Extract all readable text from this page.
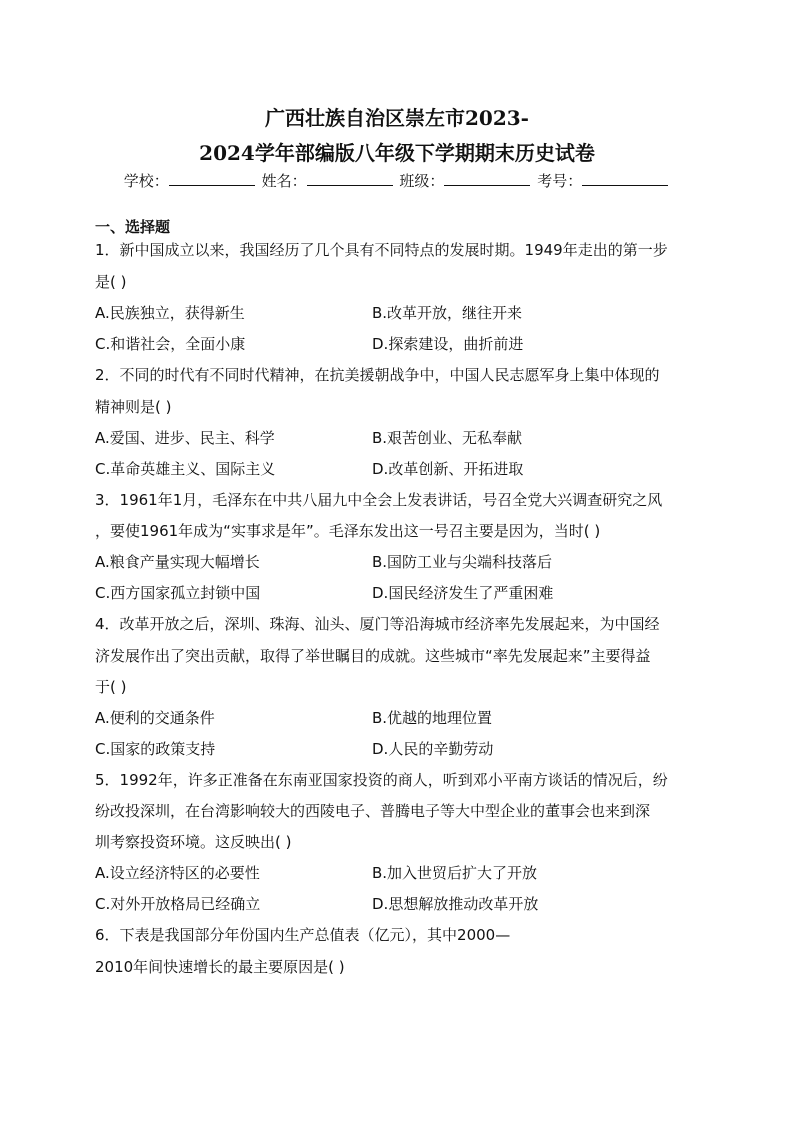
广西壮族自治区崇左市2023-
2024学年部编版八年级下学期期末历史试卷
学校：	姓名：	班级：	考号：
一、选择题
1．新中国成立以来，我国经历了几个具有不同特点的发展时期。1949年走出的第一步
是( )
A.民族独立，获得新生	B.改革开放，继往开来
C.和谐社会，全面小康	D.探索建设，曲折前进
2．不同的时代有不同时代精神，在抗美援朝战争中，中国人民志愿军身上集中体现的
精神则是( )
A.爱国、进步、民主、科学	B.艰苦创业、无私奉献
C.革命英雄主义、国际主义	D.改革创新、开拓进取
3．1961年1月，毛泽东在中共八届九中全会上发表讲话，号召全党大兴调查研究之风
，要使1961年成为“实事求是年”。毛泽东发出这一号召主要是因为，当时( )
A.粮食产量实现大幅增长	B.国防工业与尖端科技落后
C.西方国家孤立封锁中国	D.国民经济发生了严重困难
4．改革开放之后，深圳、珠海、汕头、厦门等沿海城市经济率先发展起来，为中国经
济发展作出了突出贡献，取得了举世瞩目的成就。这些城市“率先发展起来”主要得益
于( )
A.便利的交通条件	B.优越的地理位置
C.国家的政策支持	D.人民的辛勤劳动
5．1992年，许多正准备在东南亚国家投资的商人，听到邓小平南方谈话的情况后，纷
纷改投深圳，在台湾影响较大的西陵电子、普腾电子等大中型企业的董事会也来到深
圳考察投资环境。这反映出( )
A.设立经济特区的必要性	B.加入世贸后扩大了开放
C.对外开放格局已经确立	D.思想解放推动改革开放
6．下表是我国部分年份国内生产总值表（亿元），其中2000—
2010年间快速增长的最主要原因是( )
